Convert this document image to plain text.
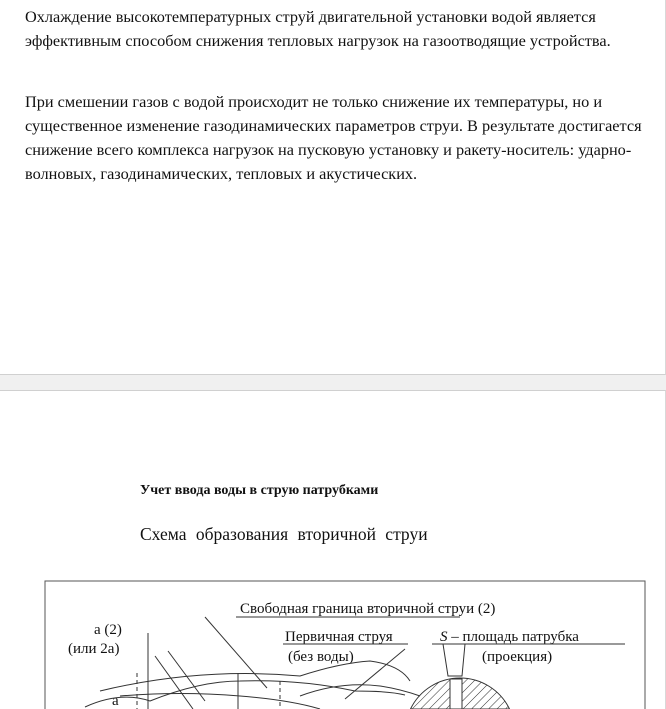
Охлаждение высокотемпературных струй двигательной установки водой является эффективным способом снижения тепловых нагрузок на газоотводящие устройства.

При смешении газов с водой происходит не только снижение их температуры, но и существенное изменение газодинамических параметров струи. В результате достигается снижение всего комплекса нагрузок на пусковую установку и ракету-носитель: ударно-волновых, газодинамических, тепловых и акустических.

Учет ввода воды в струю патрубками
Схема образования вторичной струи
Свободная граница вторичной струи (2)
а (2)
(или 2а)
Первичная струя
(без воды)
S – площадь патрубка
(проекция)
а
